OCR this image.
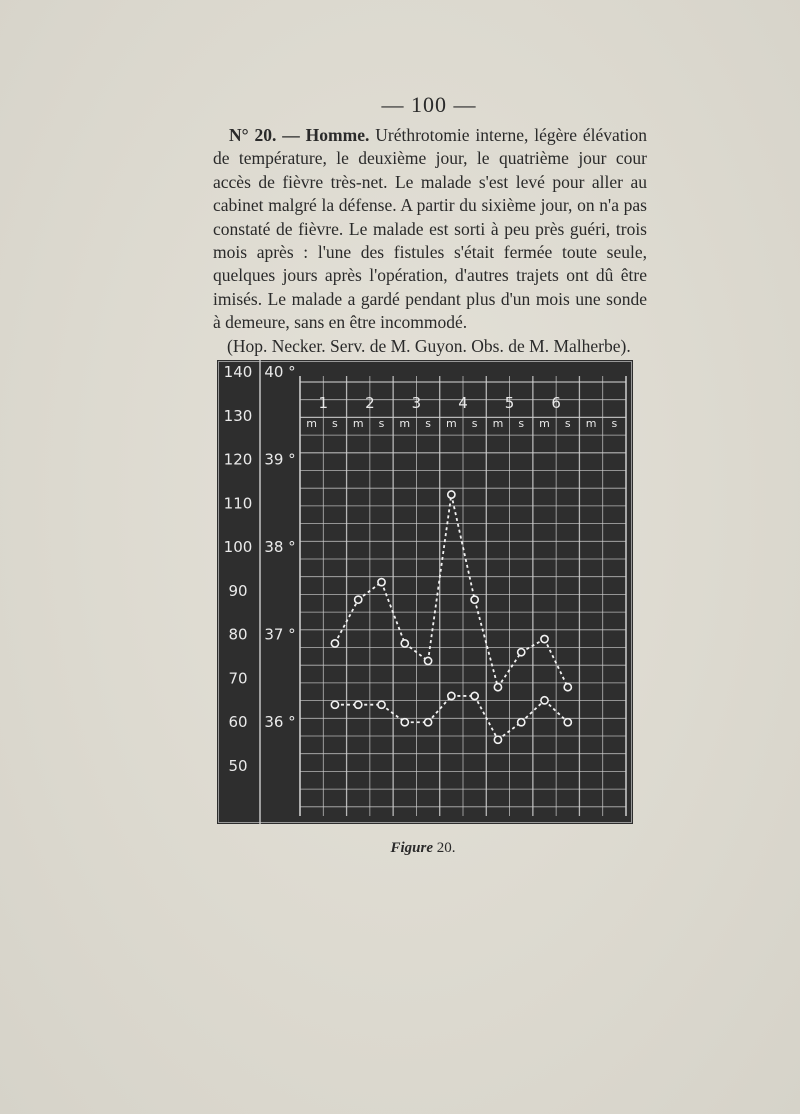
— 100 —

N° 20. — Homme. Uréthrotomie interne, légère élévation de température, le deuxième jour, le quatrième jour cour accès de fièvre très-net. Le malade s'est levé pour aller au cabinet malgré la défense. A partir du sixième jour, on n'a pas constaté de fièvre. Le malade est sorti à peu près guéri, trois mois après : l'une des fistules s'était fermée toute seule, quelques jours après l'opération, d'autres trajets ont dû être imisés. Le malade a gardé pendant plus d'un mois une sonde à demeure, sans en être incommodé.

(Hop. Necker. Serv. de M. Guyon. Obs. de M. Malherbe).

1 2 3 4 5 6
m s m s m s m s m s m s m s
140
130
120
110
100
90
80
70
60
50
40 °
39 °
38 °
37 °
36 °
Figure 20.
